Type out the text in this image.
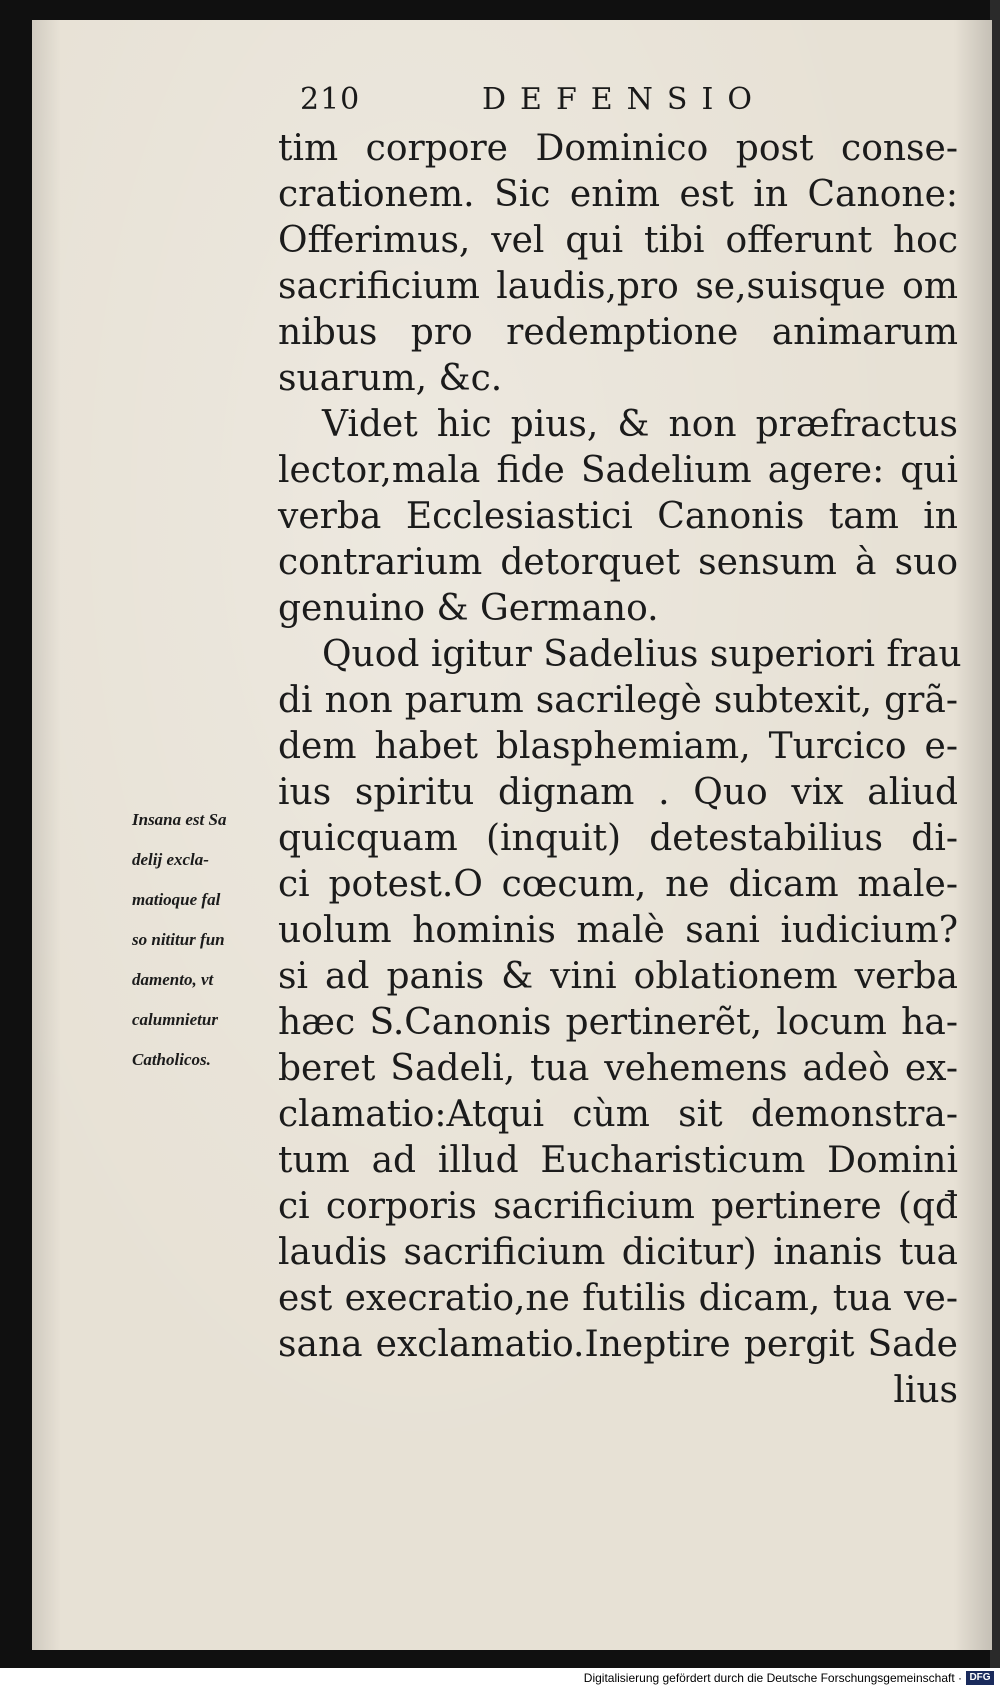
210	DEFENSIO
tim corpore Dominico post conse-
crationem. Sic enim est in Canone:
Offerimus, vel qui tibi offerunt hoc
sacrificium laudis,pro se,suisque om
nibus pro redemptione animarum
suarum, &c.
Videt hic pius, & non præfractus
lector,mala fide Sadelium agere: qui
verba Ecclesiastici Canonis tam in
contrarium detorquet sensum à suo
genuino & Germano.
Quod igitur Sadelius superiori frau
di non parum sacrilegè subtexit, grã-
dem habet blasphemiam, Turcico e-
ius spiritu dignam . Quo vix aliud
quicquam (inquit) detestabilius di-
ci potest.O cœcum, ne dicam male-
uolum hominis malè sani iudicium?
si ad panis & vini oblationem verba
hæc S.Canonis pertinerẽt, locum ha-
beret Sadeli, tua vehemens adeò ex-
clamatio:Atqui cùm sit demonstra-
tum ad illud Eucharisticum Domini
ci corporis sacrificium pertinere (qđ
laudis sacrificium dicitur) inanis tua
est execratio,ne futilis dicam, tua ve-
sana exclamatio.Ineptire pergit Sade
lius
Insana est Sa
delij excla-
matioque fal
so nititur fun
damento, vt
calumnietur
Catholicos.
Digitalisierung gefördert durch die Deutsche Forschungsgemeinschaft · DFG
